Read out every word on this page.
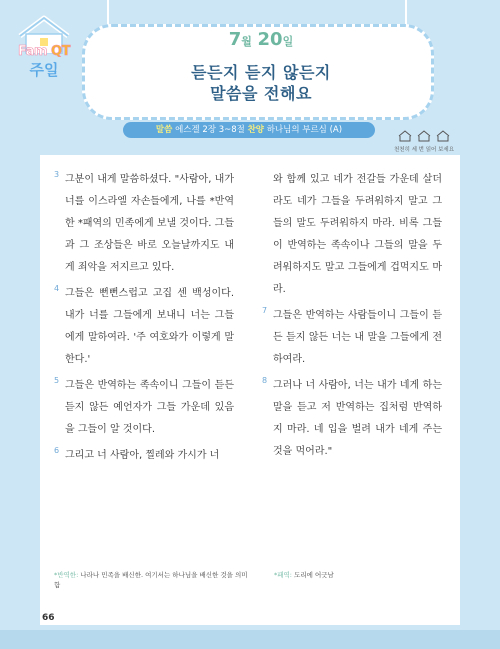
Fam QT
주일
7월 20일
듣든지 듣지 않든지
말씀을 전해요
말씀 에스겔 2장 3~8절 찬양 하나님의 부르심 (A)
천천히 세 번 읽어 보세요
3 그분이 내게 말씀하셨다. "사람아, 내가 너를 이스라엘 자손들에게, 나를 *반역한 *패역의 민족에게 보낼 것이다. 그들과 그 조상들은 바로 오늘날까지도 내게 죄악을 저지르고 있다.
4 그들은 뻔뻔스럽고 고집 센 백성이다. 내가 너를 그들에게 보내니 너는 그들에게 말하여라. '주 여호와가 이렇게 말한다.'
5 그들은 반역하는 족속이니 그들이 듣든 듣지 않든 예언자가 그들 가운데 있음을 그들이 알 것이다.
6 그리고 너 사람아, 찔레와 가시가 너
와 함께 있고 네가 전갈들 가운데 살더라도 네가 그들을 두려워하지 말고 그들의 말도 두려워하지 마라. 비록 그들이 반역하는 족속이나 그들의 말을 두려워하지도 말고 그들에게 겁먹지도 마라.
7 그들은 반역하는 사람들이니 그들이 듣든 듣지 않든 너는 내 말을 그들에게 전하여라.
8 그러나 너 사람아, 너는 내가 네게 하는 말을 듣고 저 반역하는 집처럼 반역하지 마라. 네 입을 벌려 내가 네게 주는 것을 먹어라."
*반역한: 나라나 민족을 배신한. 여기서는 하나님을 배신한 것을 의미함
*패역: 도리에 어긋남
66
